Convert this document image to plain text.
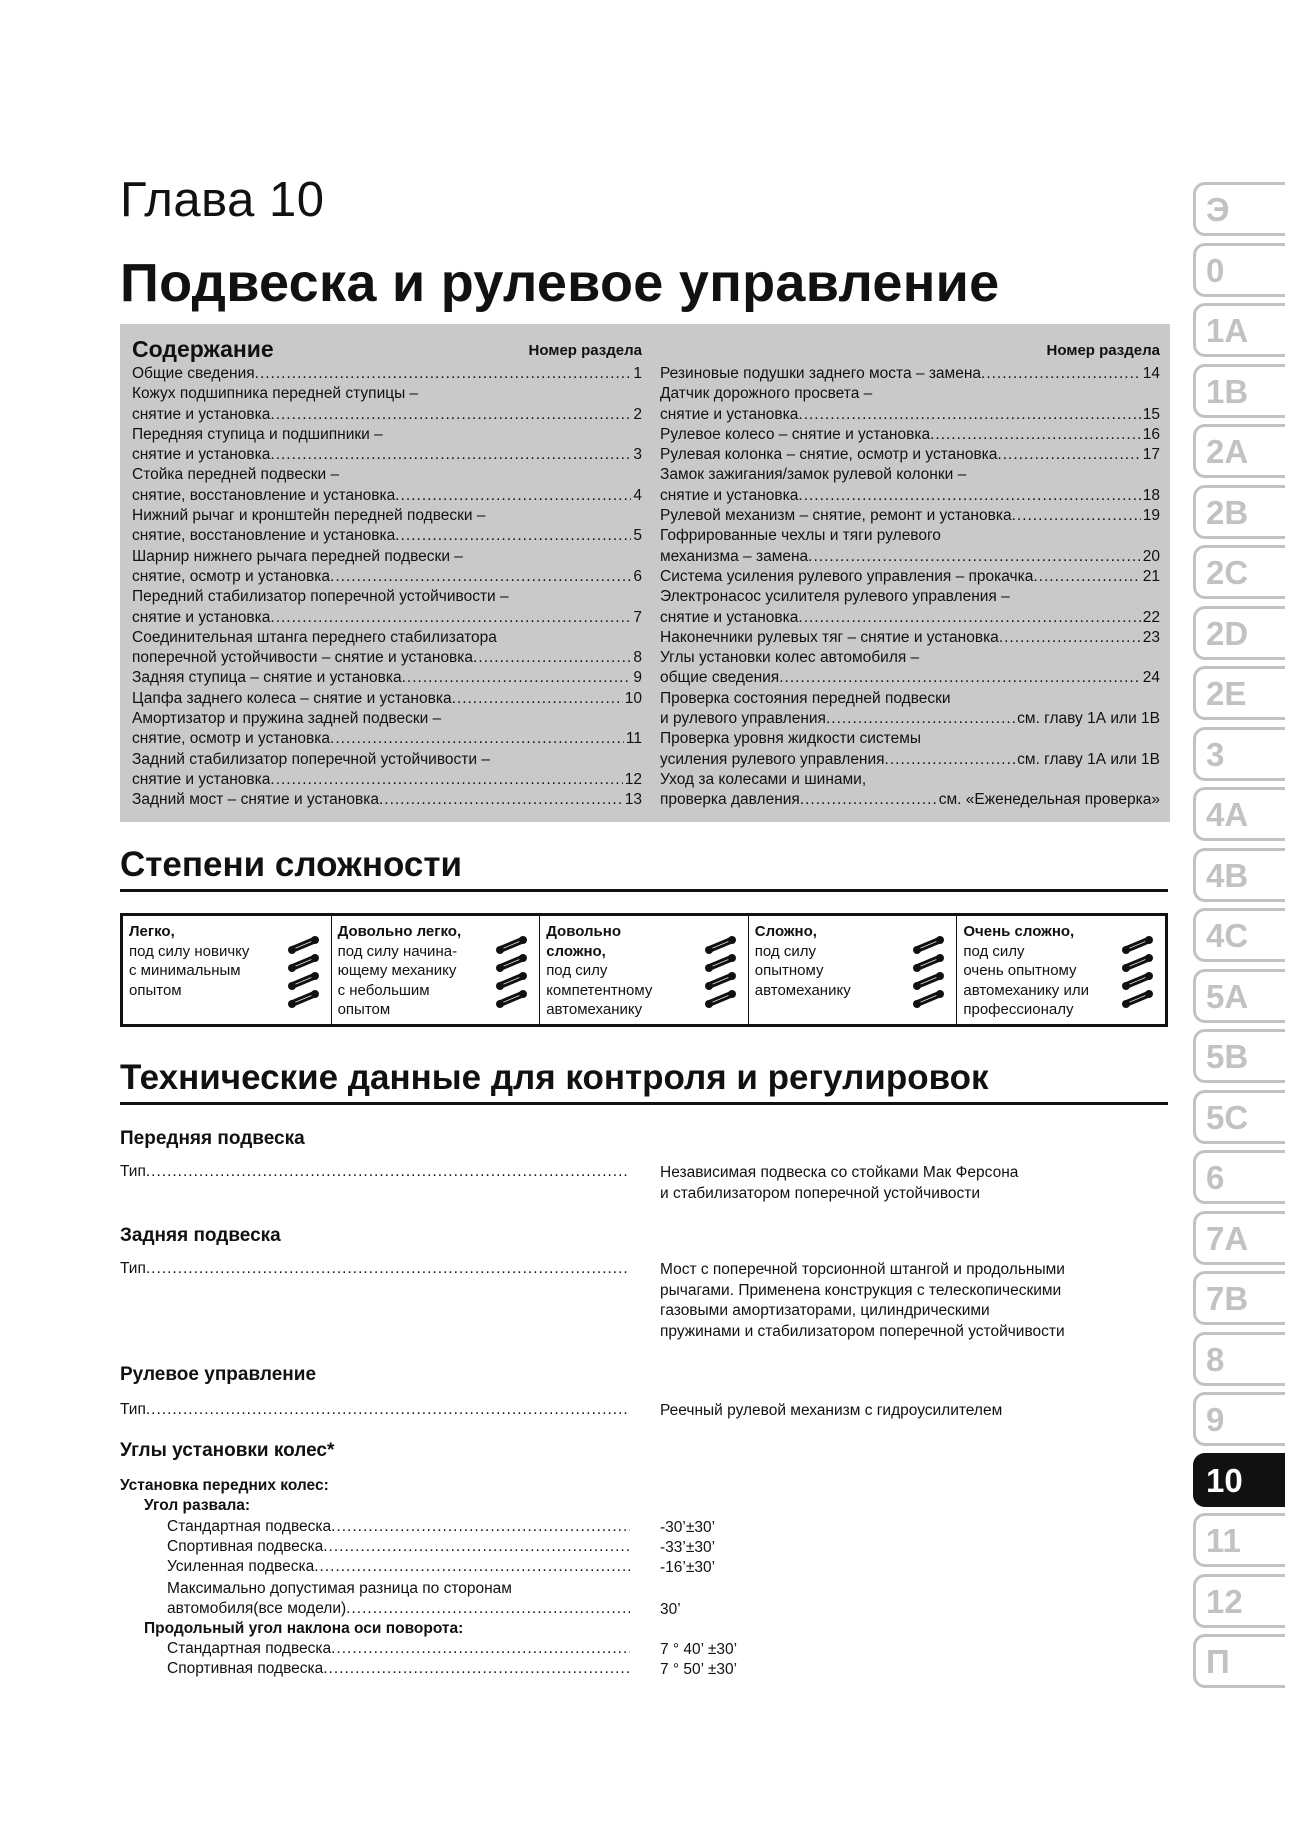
Глава 10
Подвеска и рулевое управление
Содержание	Номер раздела
Общие сведения .....	1
Кожух подшипника передней ступицы –
снятие и установка .....	2
Передняя ступица и подшипники –
снятие и установка .....	3
Стойка передней подвески –
снятие, восстановление и установка .....	4
Нижний рычаг и кронштейн передней подвески –
снятие, восстановление и установка .....	5
Шарнир нижнего рычага передней подвески –
снятие, осмотр и установка .....	6
Передний стабилизатор поперечной устойчивости –
снятие и установка .....	7
Соединительная штанга переднего стабилизатора
поперечной устойчивости – снятие и установка .....	8
Задняя ступица – снятие и установка .....	9
Цапфа заднего колеса – снятие и установка .....	10
Амортизатор и пружина задней подвески –
снятие, осмотр и установка .....	11
Задний стабилизатор поперечной устойчивости –
снятие и установка .....	12
Задний мост – снятие и установка .....	13
Номер раздела
Резиновые подушки заднего моста – замена .....	14
Датчик дорожного просвета –
снятие и установка .....	15
Рулевое колесо – снятие и установка .....	16
Рулевая колонка – снятие, осмотр и установка .....	17
Замок зажигания/замок рулевой колонки –
снятие и установка .....	18
Рулевой механизм – снятие, ремонт и установка .....	19
Гофрированные чехлы и тяги рулевого
механизма – замена .....	20
Система усиления рулевого управления – прокачка .....	21
Электронасос усилителя рулевого управления –
снятие и установка .....	22
Наконечники рулевых тяг – снятие и установка .....	23
Углы установки колес автомобиля –
общие сведения .....	24
Проверка состояния передней подвески
и рулевого управления .....	см. главу 1А или 1В
Проверка уровня жидкости системы
усиления рулевого управления .....	см. главу 1А или 1В
Уход за колесами и шинами,
проверка давления .....	см. «Еженедельная проверка»
Степени сложности
Легко,
под силу новичку
с минимальным
опытом
Довольно легко,
под силу начина-
ющему механику
с небольшим
опытом
Довольно
сложно,
под силу
компетентному
автомеханику
Сложно,
под силу
опытному
автомеханику
Очень сложно,
под силу
очень опытному
автомеханику или
профессионалу
Технические данные для контроля и регулировок
Передняя подвеска
Тип .....	Независимая подвеска со стойками Мак Ферсона
и стабилизатором поперечной устойчивости
Задняя подвеска
Тип .....	Мост с поперечной торсионной штангой и продольными
рычагами. Применена конструкция с телескопическими
газовыми амортизаторами, цилиндрическими
пружинами и стабилизатором поперечной устойчивости
Рулевое управление
Тип .....	Реечный рулевой механизм с гидроусилителем
Углы установки колес*
Установка передних колес:
Угол развала:
Стандартная подвеска .....	-30’±30’
Спортивная подвеска .....	-33’±30’
Усиленная подвеска .....	-16’±30’
Максимально допустимая разница по сторонам
автомобиля(все модели) .....	30’
Продольный угол наклона оси поворота:
Стандартная подвеска .....	7 ° 40’ ±30’
Спортивная подвеска .....	7 ° 50’ ±30’
Э
0
1А
1В
2А
2В
2С
2D
2Е
3
4А
4В
4С
5А
5В
5С
6
7А
7В
8
9
10
11
12
П
